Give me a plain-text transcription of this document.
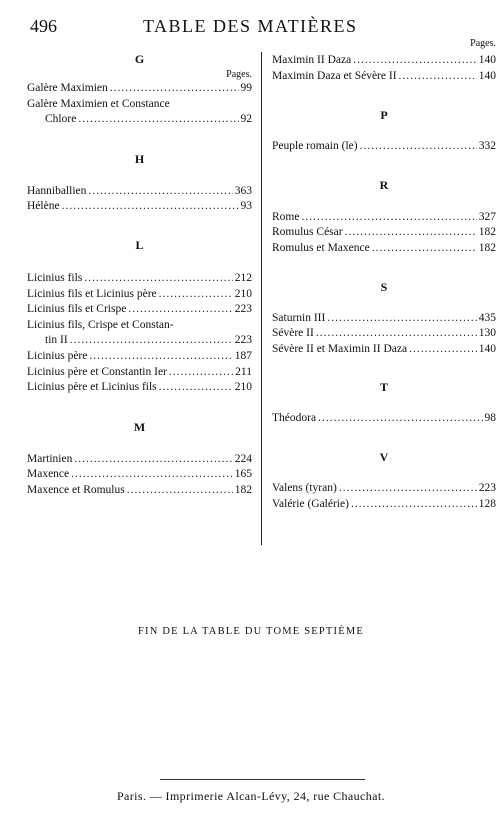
496	TABLE DES MATIÈRES

G

Pages.

Galère Maximien .....	99
Galère Maximien et Constance
Chlore .....	92

H

Hanniballien .....	363
Hélène .....	93

L

Licinius fils .....	212
Licinius fils et Licinius père .....	210
Licinius fils et Crispe .....	223
Licinius fils, Crispe et Constan-
tin II .....	223
Licinius père .....	187
Licinius père et Constantin Ier .....	211
Licinius père et Licinius fils .....	210

M

Martinien .....	224
Maxence .....	165
Maxence et Romulus .....	182

Pages.

Maximin II Daza .....	140
Maximin Daza et Sévère II .....	140

P

Peuple romain (le) .....	332

R

Rome .....	327
Romulus César .....	182
Romulus et Maxence .....	182

S

Saturnin III .....	435
Sévère II .....	130
Sévère II et Maximin II Daza .....	140

T

Théodora .....	98

V

Valens (tyran) .....	223
Valérie (Galérie) .....	128
FIN DE LA TABLE DU TOME SEPTIÈME
Paris. — Imprimerie Alcan-Lévy, 24, rue Chauchat.
